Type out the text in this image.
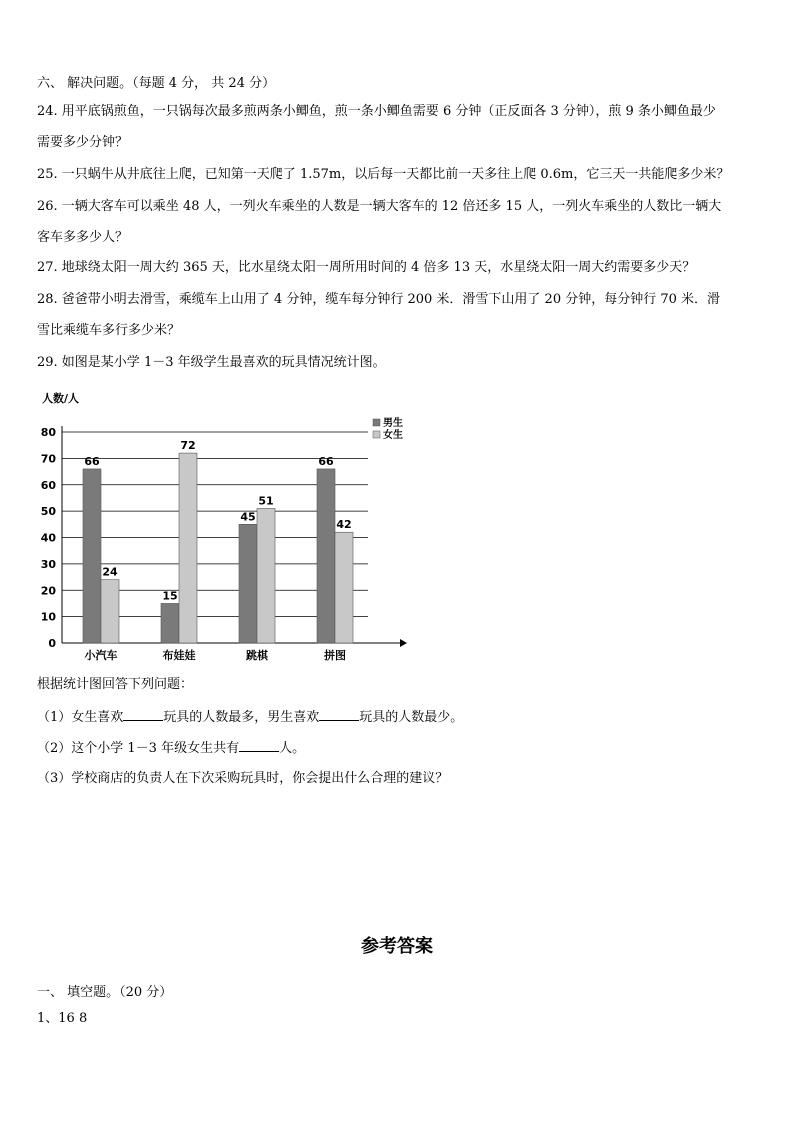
六、 解决问题。（每题 4 分， 共 24 分）
24. 用平底锅煎鱼，一只锅每次最多煎两条小鲫鱼，煎一条小鲫鱼需要 6 分钟（正反面各 3 分钟），煎 9 条小鲫鱼最少
需要多少分钟？
25. 一只蜗牛从井底往上爬，已知第一天爬了 1.57m，以后每一天都比前一天多往上爬 0.6m，它三天一共能爬多少米？
26. 一辆大客车可以乘坐 48 人，一列火车乘坐的人数是一辆大客车的 12 倍还多 15 人，一列火车乘坐的人数比一辆大
客车多多少人？
27. 地球绕太阳一周大约 365 天，比水星绕太阳一周所用时间的 4 倍多 13 天，水星绕太阳一周大约需要多少天？
28. 爸爸带小明去滑雪，乘缆车上山用了 4 分钟，缆车每分钟行 200 米．滑雪下山用了 20 分钟，每分钟行 70 米．滑
雪比乘缆车多行多少米？
29. 如图是某小学 1－3 年级学生最喜欢的玩具情况统计图。
人数/人
0
10
20
30
40
50
60
70
80
66
24
小汽车
15
72
布娃娃
45
51
跳棋
66
42
拼图
男生
女生
根据统计图回答下列问题：
（1）女生喜欢	玩具的人数最多，男生喜欢	玩具的人数最少。
（2）这个小学 1－3 年级女生共有	人。
（3）学校商店的负责人在下次采购玩具时，你会提出什么合理的建议？
参考答案
一、 填空题。（20 分）
1、16 8
